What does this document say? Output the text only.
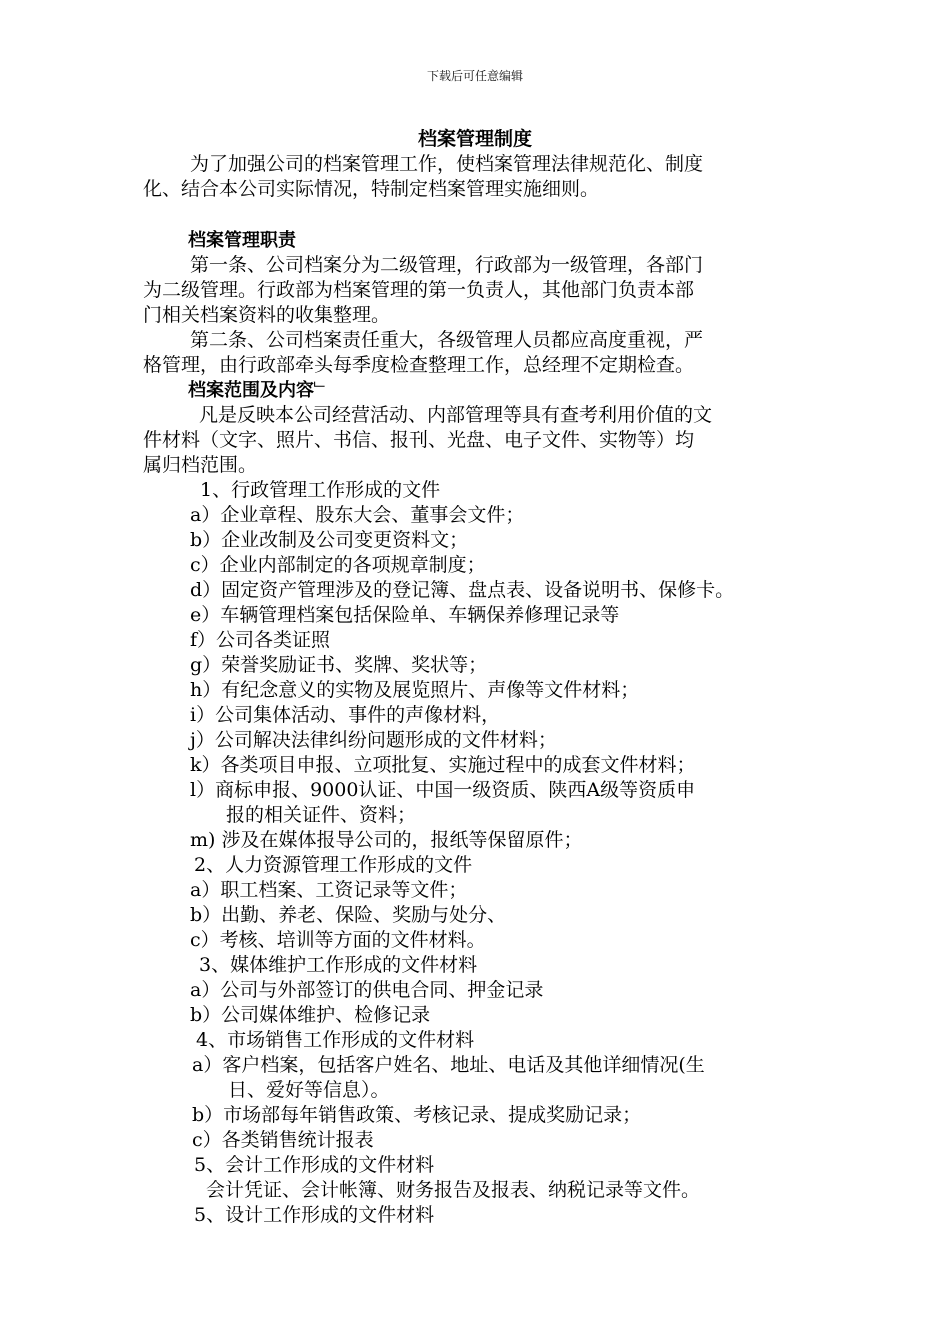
下载后可任意编辑
档案管理制度
为了加强公司的档案管理工作，使档案管理法律规范化、制度
化、结合本公司实际情况，特制定档案管理实施细则。
档案管理职责
第一条、公司档案分为二级管理，行政部为一级管理，各部门
为二级管理。行政部为档案管理的第一负责人，其他部门负责本部
门相关档案资料的收集整理。
第二条、公司档案责任重大，各级管理人员都应高度重视，严
格管理，由行政部牵头每季度检查整理工作，总经理不定期检查。
档案范围及内容﹂
凡是反映本公司经营活动、内部管理等具有查考利用价值的文
件材料（文字、照片、书信、报刊、光盘、电子文件、实物等）均
属归档范围。
1、行政管理工作形成的文件
a）企业章程、股东大会、董事会文件；
b）企业改制及公司变更资料文；
c）企业内部制定的各项规章制度；
d）固定资产管理涉及的登记簿、盘点表、设备说明书、保修卡。
e）车辆管理档案包括保险单、车辆保养修理记录等
f）公司各类证照
g）荣誉奖励证书、奖牌、奖状等；
h）有纪念意义的实物及展览照片、声像等文件材料；
i）公司集体活动、事件的声像材料，
j）公司解决法律纠纷问题形成的文件材料；
k）各类项目申报、立项批复、实施过程中的成套文件材料；
l）商标申报、9000认证、中国一级资质、陕西A级等资质申
报的相关证件、资料；
m) 涉及在媒体报导公司的，报纸等保留原件；
2、人力资源管理工作形成的文件
a）职工档案、工资记录等文件；
b）出勤、养老、保险、奖励与处分、
c）考核、培训等方面的文件材料。
3、媒体维护工作形成的文件材料
a）公司与外部签订的供电合同、押金记录
b）公司媒体维护、检修记录
4、市场销售工作形成的文件材料
a）客户档案，包括客户姓名、地址、电话及其他详细情况(生
日、爱好等信息）。
b）市场部每年销售政策、考核记录、提成奖励记录；
c）各类销售统计报表
5、会计工作形成的文件材料
会计凭证、会计帐簿、财务报告及报表、纳税记录等文件。
5、设计工作形成的文件材料
